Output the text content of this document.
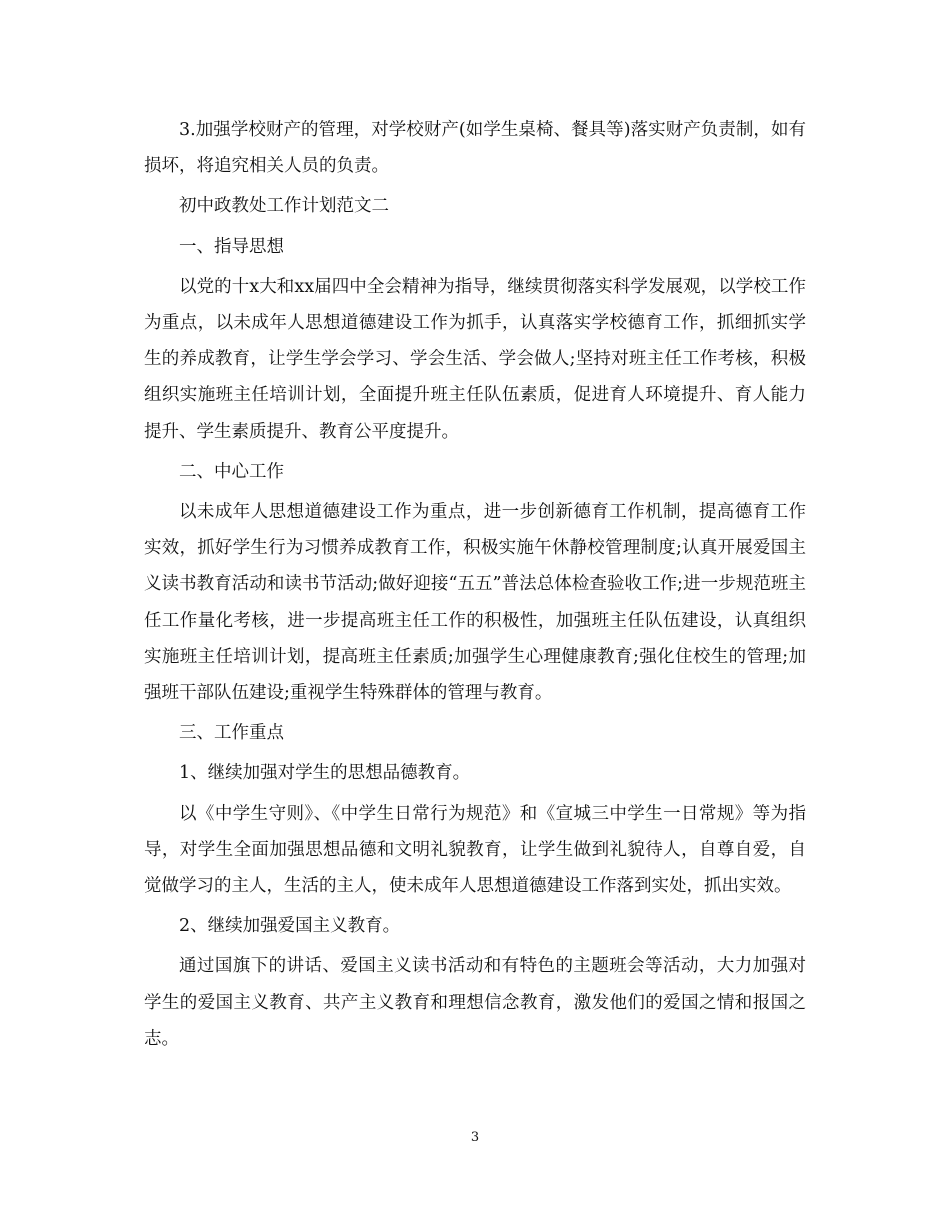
3.加强学校财产的管理，对学校财产(如学生桌椅、餐具等)落实财产负责制，如有损坏，将追究相关人员的负责。

初中政教处工作计划范文二

一、指导思想

以党的十x大和xx届四中全会精神为指导，继续贯彻落实科学发展观，以学校工作为重点，以未成年人思想道德建设工作为抓手，认真落实学校德育工作，抓细抓实学生的养成教育，让学生学会学习、学会生活、学会做人;坚持对班主任工作考核，积极组织实施班主任培训计划，全面提升班主任队伍素质，促进育人环境提升、育人能力提升、学生素质提升、教育公平度提升。

二、中心工作

以未成年人思想道德建设工作为重点，进一步创新德育工作机制，提高德育工作实效，抓好学生行为习惯养成教育工作，积极实施午休静校管理制度;认真开展爱国主义读书教育活动和读书节活动;做好迎接“五五”普法总体检查验收工作;进一步规范班主任工作量化考核，进一步提高班主任工作的积极性，加强班主任队伍建设，认真组织实施班主任培训计划，提高班主任素质;加强学生心理健康教育;强化住校生的管理;加强班干部队伍建设;重视学生特殊群体的管理与教育。

三、工作重点

1、继续加强对学生的思想品德教育。

以《中学生守则》、《中学生日常行为规范》和《宣城三中学生一日常规》等为指导，对学生全面加强思想品德和文明礼貌教育，让学生做到礼貌待人，自尊自爱，自觉做学习的主人，生活的主人，使未成年人思想道德建设工作落到实处，抓出实效。

2、继续加强爱国主义教育。

通过国旗下的讲话、爱国主义读书活动和有特色的主题班会等活动，大力加强对学生的爱国主义教育、共产主义教育和理想信念教育，激发他们的爱国之情和报国之志。

3
